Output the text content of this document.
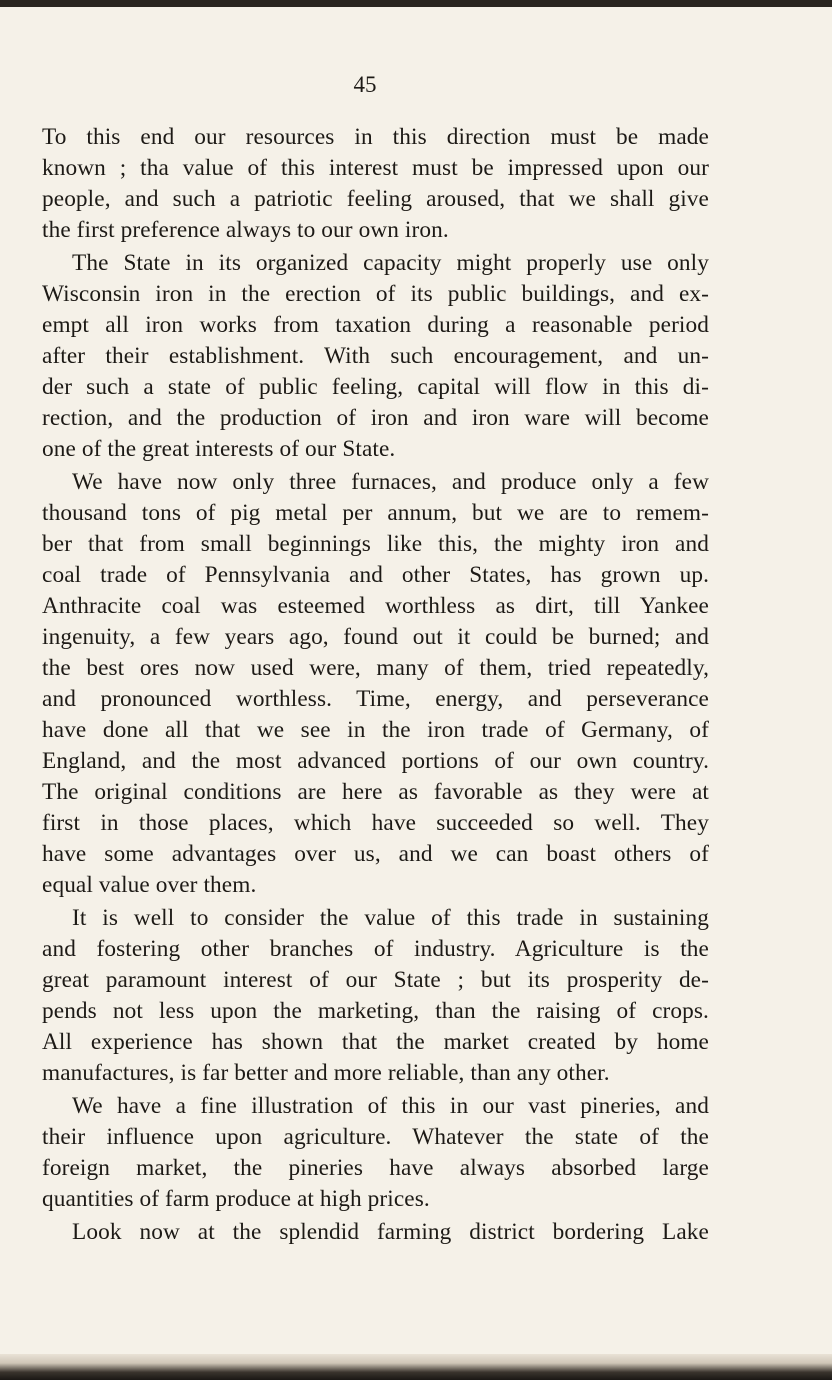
45
To this end our resources in this direction must be made
known ; tha value of this interest must be impressed upon our
people, and such a patriotic feeling aroused, that we shall give
the first preference always to our own iron.
The State in its organized capacity might properly use only
Wisconsin iron in the erection of its public buildings, and ex-
empt all iron works from taxation during a reasonable period
after their establishment. With such encouragement, and un-
der such a state of public feeling, capital will flow in this di-
rection, and the production of iron and iron ware will become
one of the great interests of our State.
We have now only three furnaces, and produce only a few
thousand tons of pig metal per annum, but we are to remem-
ber that from small beginnings like this, the mighty iron and
coal trade of Pennsylvania and other States, has grown up.
Anthracite coal was esteemed worthless as dirt, till Yankee
ingenuity, a few years ago, found out it could be burned; and
the best ores now used were, many of them, tried repeatedly,
and pronounced worthless. Time, energy, and perseverance
have done all that we see in the iron trade of Germany, of
England, and the most advanced portions of our own country.
The original conditions are here as favorable as they were at
first in those places, which have succeeded so well. They
have some advantages over us, and we can boast others of
equal value over them.
It is well to consider the value of this trade in sustaining
and fostering other branches of industry. Agriculture is the
great paramount interest of our State ; but its prosperity de-
pends not less upon the marketing, than the raising of crops.
All experience has shown that the market created by home
manufactures, is far better and more reliable, than any other.
We have a fine illustration of this in our vast pineries, and
their influence upon agriculture. Whatever the state of the
foreign market, the pineries have always absorbed large
quantities of farm produce at high prices.
Look now at the splendid farming district bordering Lake
